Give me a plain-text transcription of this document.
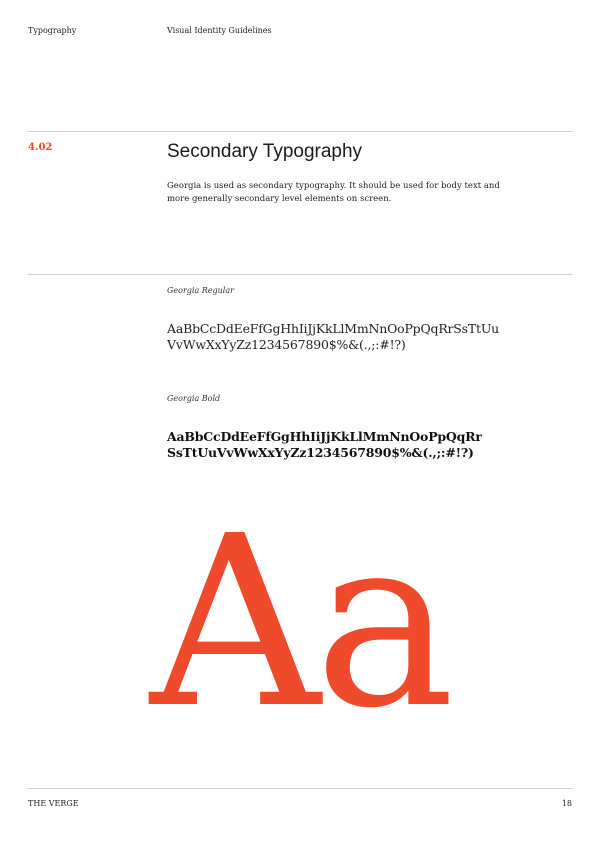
Typography	Visual Identity Guidelines
4.02	Secondary Typography
Georgia is used as secondary typography. It should be used for body text and more generally secondary level elements on screen.
Georgia Regular
AaBbCcDdEeFfGgHhIiJjKkLlMmNnOoPpQqRrSsTtUu
VvWwXxYyZz1234567890$%&(.,;:#!?)
Georgia Bold
AaBbCcDdEeFfGgHhIiJjKkLlMmNnOoPpQqRr
SsTtUuVvWwXxYyZz1234567890$%&(.,;:#!?)
Aa
THE VERGE	18
